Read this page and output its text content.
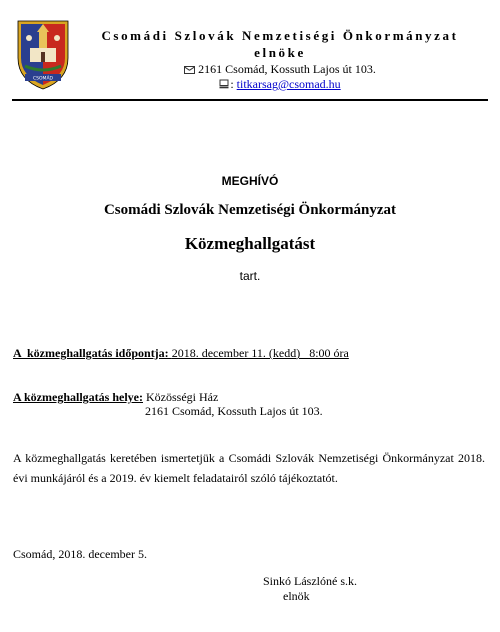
CSOMÁD
Csomádi Szlovák Nemzetiségi Önkormányzat elnöke
2161 Csomád, Kossuth Lajos út 103.
: titkarsag@csomad.hu
MEGHÍVÓ
Csomádi Szlovák Nemzetiségi Önkormányzat
Közmeghallgatást
tart.
A  közmeghallgatás időpontja: 2018. december 11. (kedd)   8:00 óra
A közmeghallgatás helye: Közösségi Ház
2161 Csomád, Kossuth Lajos út 103.
A közmeghallgatás keretében ismertetjük a Csomádi Szlovák Nemzetiségi Önkormányzat 2018. évi munkájáról és a 2019. év kiemelt feladatairól szóló tájékoztatót.
Csomád, 2018. december 5.
Sinkó Lászlóné s.k.
elnök
